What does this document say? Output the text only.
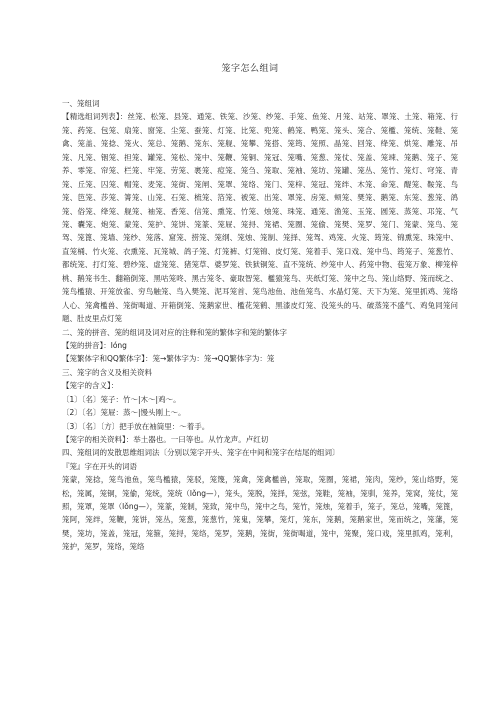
笼字怎么组词

一、笼组词

【精选组词列表】：丝笼、松笼、县笼、通笼、铁笼、沙笼、纱笼、手笼、鱼笼、月笼、站笼、罩笼、土笼、箱笼、行笼、药笼、包笼、扇笼、窗笼、尘笼、蚕笼、灯笼、比笼、兜笼、鹤笼、鸭笼、笼头、笼合、笼檻、笼统、笼鞋、笼禽、笼盖、笼捻、笼火、笼总、笼鹅、笼东、笼舰、笼攀、笼搭、笼筠、笼照、晶笼、回笼、绛笼、烘笼、雕笼、吊笼、凡笼、铟笼、担笼、罐笼、笼松、笼中、笼鞭、笼铜、笼冠、笼嘴、笼葱、笼仗、笼盖、笼竦、笼鹅、笼子、笼养、零笼、帘笼、栏笼、牢笼、劳笼、裹笼、痘笼、笼刍、笼取、笼袖、笼坊、笼罐、笼丛、笼竹、笼灯、穹笼、青笼、丘笼、囚笼、帽笼、麦笼、笼街、笼闸、笼罩、笼络、笼门、笼梓、笼冠、笼绊、木笼、命笼、醍笼、鞍笼、鸟笼、笆笼、莎笼、箐笼、山笼、石笼、梳笼、箔笼、被笼、出笼、罩笼、房笼、颊笼、樊笼、鹅笼、东笼、葱笼、鸽笼、俗笼、绛笼、舰笼、袖笼、香笼、信笼、熏笼、竹笼、烛笼、珠笼、通笼、渔笼、玉笼、圆笼、蒸笼、邛笼、气笼、囊笼、炮笼、蒙笼、笼护、笼饼、笼篆、笼屉、笼挦、笼裙、笼圈、笼偷、笼樊、笼罗、笼门、笼蒙、笼鸟、笼驾、笼篦、笼墙、笼纱、笼落、窟笼、捞笼、笼纲、笼烛、笼制、笼择、笼驾、鸡笼、火笼、筠笼、锦熏笼、珠笼中、直笼桶、竹火笼、衣熏笼、瓦笼城、鸽子笼、灯笼裤、灯笼锦、皮灯笼、笼着手、笼口戏、笼中鸟、筠笼子、笼葱竹、都统笼、打灯笼、碧纱笼、虚笼笼、猪笼草、婆罗笼、铁狱铜笼、直不笼统、纱笼中人、药笼中物、苞笼万象、柳笼梓桃、鹅笼书生、翻箱倒笼、黑咕笼咚、黑古笼冬、豪取智笼、檻猿笼鸟、夹纸灯笼、笼中之鸟、笼山络野、笼而统之、笼鸟檻猿、开笼放雀、穷鸟触笼、鸟入樊笼、泥耳笼首、笼鸟池鱼、池鱼笼鸟、水晶灯笼、天下为笼、笼里抓鸡、笼络人心、笼禽檻兽、笼街喝道、开箱倒笼、笼鹅家世、檻花笼鹤、黑漆皮灯笼、没笼头的马、破蒸笼不盛气、鸡兔同笼问题、肚皮里点灯笼

二、笼的拼音、笼的组词及词对应的注释和笼的繁体字和笼的繁体字

【笼的拼音】：lóng

【笼繁体字和QQ繁体字】：笼→繁体字为：笼→QQ繁体字为：笼

三、笼字的含义及相关资料

【笼字的含义】：

〔1〕〔名〕笼子：竹～|木～|鸡～。

〔2〕〔名〕笼屉：蒸～|馒头刚上～。

〔3〕〔名〕〔方〕把手放在袖筒里：～着手。

【笼字的相关资料】：举土器也。一曰等也。从竹龙声。卢红切

四、笼组词的发散思维组词法〔分别以笼字开头、笼字在中间和笼字在结尾的组词〕

『笼』字在开头的词语

笼蒙，笼捻，笼鸟池鱼，笼鸟檻猿，笼驳，笼篾，笼禽，笼禽檻兽，笼取，笼圈，笼裙，笼肉，笼纱，笼山络野，笼松，笼属，笼铜，笼偷，笼统，笼统（lǒng—），笼头，笼脱，笼择，笼弦，笼鞋，笼袖，笼驯，笼养，笼窝，笼仗，笼照，笼罩，笼罩（lǒng—），笼篆，笼制，笼致，笼中鸟，笼中之鸟，笼竹，笼烛，笼着手，笼子，笼总，笼嘴，笼篦，笼阿，笼绊，笼鞭，笼饼，笼丛，笼葱，笼葱竹，笼鬼，笼攀，笼灯，笼东，笼鹅，笼鹅家世，笼而统之，笼藩，笼樊，笼坊，笼盖，笼冠，笼箍，笼挦，笼络，笼罗，笼鹅，笼街，笼街喝道，笼中，笼聚，笼口戏，笼里抓鸡，笼利，笼护，笼罗，笼络，笼络
